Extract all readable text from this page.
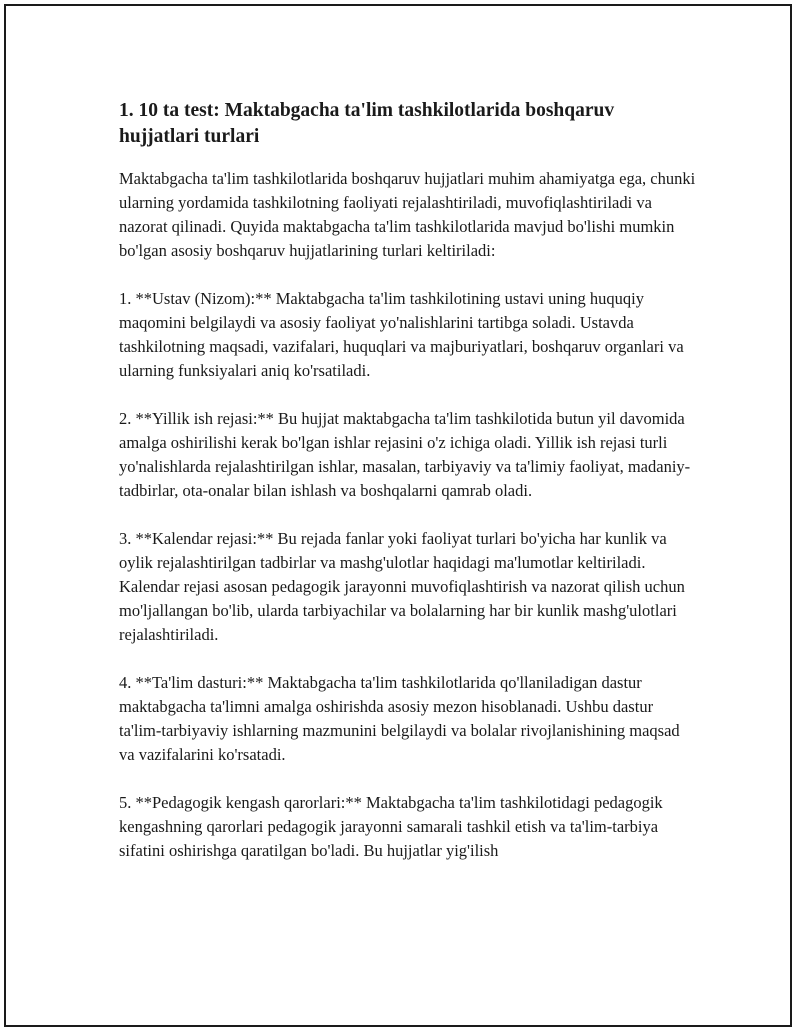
1. 10 ta test: Maktabgacha ta'lim tashkilotlarida boshqaruv hujjatlari turlari

Maktabgacha ta'lim tashkilotlarida boshqaruv hujjatlari muhim ahamiyatga ega, chunki ularning yordamida tashkilotning faoliyati rejalashtiriladi, muvofiqlashtiriladi va nazorat qilinadi. Quyida maktabgacha ta'lim tashkilotlarida mavjud bo'lishi mumkin bo'lgan asosiy boshqaruv hujjatlarining turlari keltiriladi:

1. **Ustav (Nizom):** Maktabgacha ta'lim tashkilotining ustavi uning huquqiy maqomini belgilaydi va asosiy faoliyat yo'nalishlarini tartibga soladi. Ustavda tashkilotning maqsadi, vazifalari, huquqlari va majburiyatlari, boshqaruv organlari va ularning funksiyalari aniq ko'rsatiladi.

2. **Yillik ish rejasi:** Bu hujjat maktabgacha ta'lim tashkilotida butun yil davomida amalga oshirilishi kerak bo'lgan ishlar rejasini o'z ichiga oladi. Yillik ish rejasi turli yo'nalishlarda rejalashtirilgan ishlar, masalan, tarbiyaviy va ta'limiy faoliyat, madaniy-tadbirlar, ota-onalar bilan ishlash va boshqalarni qamrab oladi.

3. **Kalendar rejasi:** Bu rejada fanlar yoki faoliyat turlari bo'yicha har kunlik va oylik rejalashtirilgan tadbirlar va mashg'ulotlar haqidagi ma'lumotlar keltiriladi. Kalendar rejasi asosan pedagogik jarayonni muvofiqlashtirish va nazorat qilish uchun mo'ljallangan bo'lib, ularda tarbiyachilar va bolalarning har bir kunlik mashg'ulotlari rejalashtiriladi.

4. **Ta'lim dasturi:** Maktabgacha ta'lim tashkilotlarida qo'llaniladigan dastur maktabgacha ta'limni amalga oshirishda asosiy mezon hisoblanadi. Ushbu dastur ta'lim-tarbiyaviy ishlarning mazmunini belgilaydi va bolalar rivojlanishining maqsad va vazifalarini ko'rsatadi.

5. **Pedagogik kengash qarorlari:** Maktabgacha ta'lim tashkilotidagi pedagogik kengashning qarorlari pedagogik jarayonni samarali tashkil etish va ta'lim-tarbiya sifatini oshirishga qaratilgan bo'ladi. Bu hujjatlar yig'ilish
